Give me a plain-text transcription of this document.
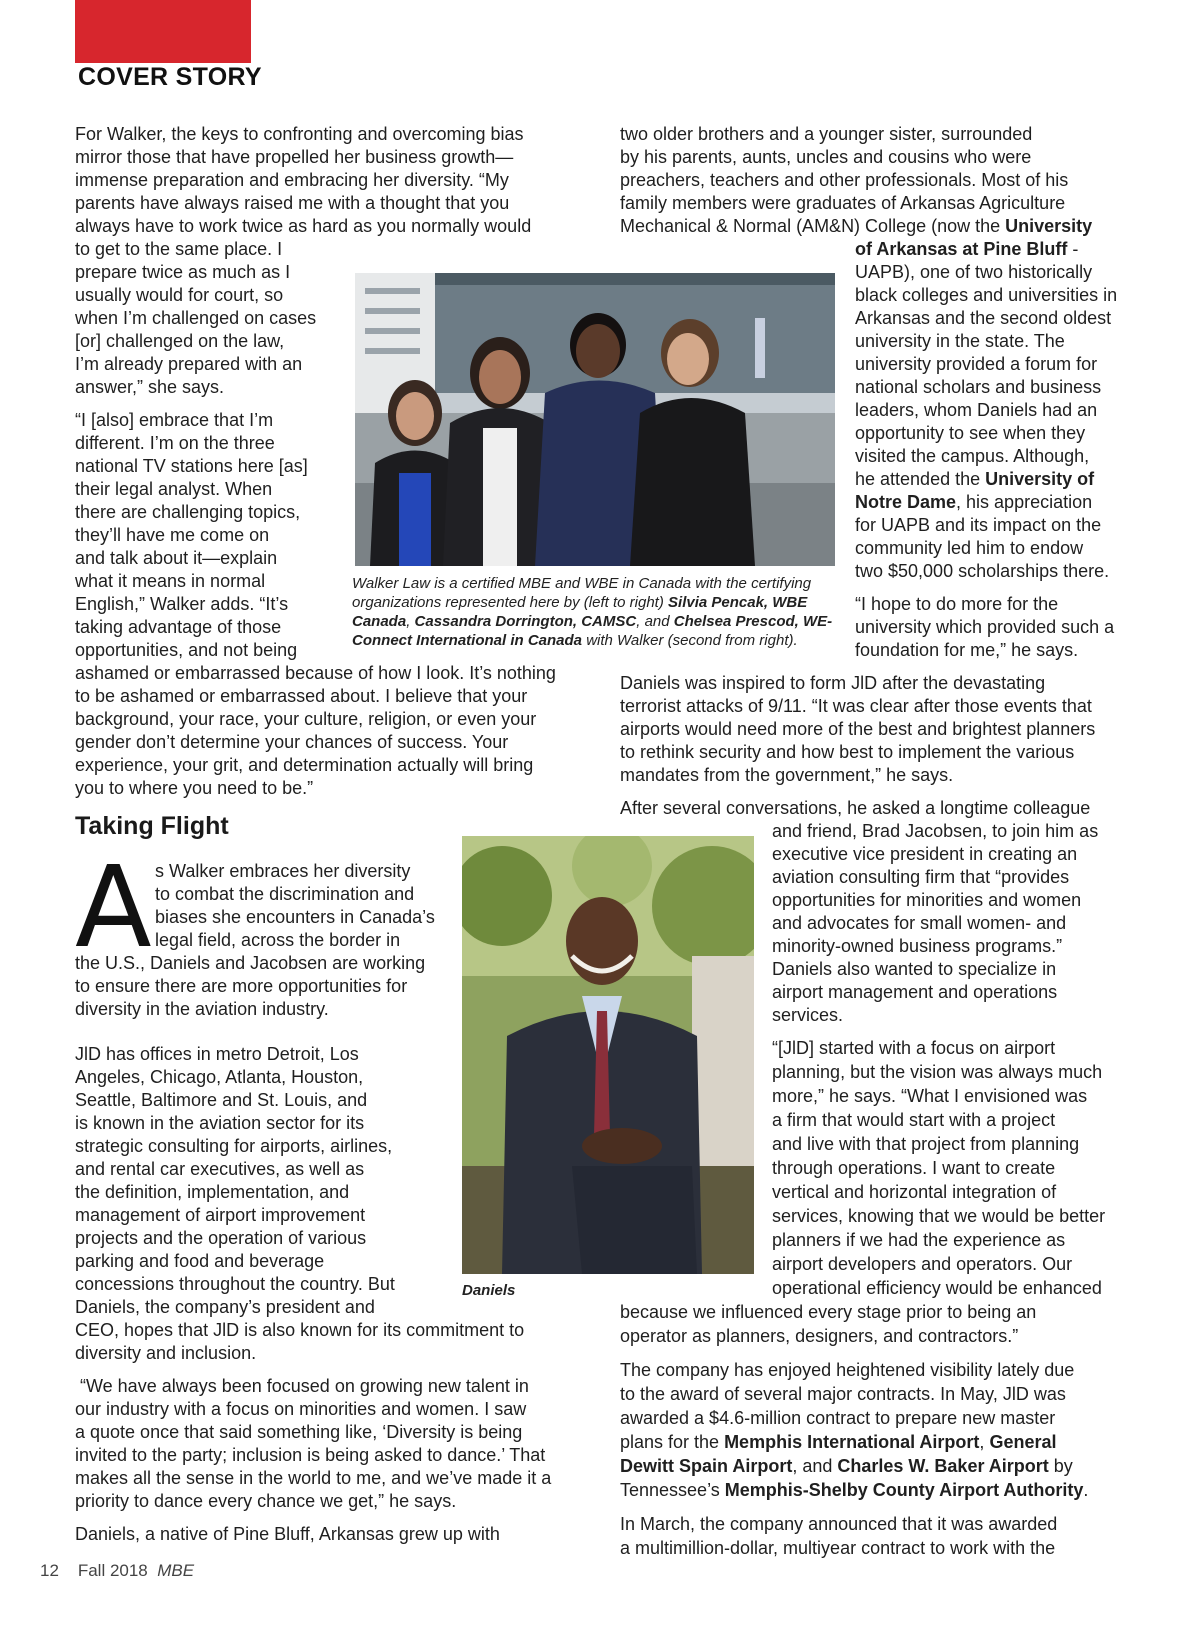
COVER STORY
For Walker, the keys to confronting and overcoming bias
mirror those that have propelled her business growth—
immense preparation and embracing her diversity. “My
parents have always raised me with a thought that you
always have to work twice as hard as you normally would
to get to the same place. I
prepare twice as much as I
usually would for court, so
when I’m challenged on cases
[or] challenged on the law,
I’m already prepared with an
answer,” she says.
“I [also] embrace that I’m
different. I’m on the three
national TV stations here [as]
their legal analyst. When
there are challenging topics,
they’ll have me come on
and talk about it—explain
what it means in normal
English,” Walker adds. “It’s
taking advantage of those
opportunities, and not being
ashamed or embarrassed because of how I look. It’s nothing
to be ashamed or embarrassed about. I believe that your
background, your race, your culture, religion, or even your
gender don’t determine your chances of success. Your
experience, your grit, and determination actually will bring
you to where you need to be.”
Walker Law is a certified MBE and WBE in Canada with the certifying
organizations represented here by (left to right) Silvia Pencak, WBE
Canada, Cassandra Dorrington, CAMSC, and Chelsea Prescod, WE-
Connect International in Canada with Walker (second from right).
Taking Flight
A s Walker embraces her diversity
to combat the discrimination and
biases she encounters in Canada’s
legal field, across the border in
the U.S., Daniels and Jacobsen are working
to ensure there are more opportunities for
diversity in the aviation industry.
JlD has offices in metro Detroit, Los
Angeles, Chicago, Atlanta, Houston,
Seattle, Baltimore and St. Louis, and
is known in the aviation sector for its
strategic consulting for airports, airlines,
and rental car executives, as well as
the definition, implementation, and
management of airport improvement
projects and the operation of various
parking and food and beverage
concessions throughout the country. But
Daniels, the company’s president and
CEO, hopes that JlD is also known for its commitment to
diversity and inclusion.
“We have always been focused on growing new talent in
our industry with a focus on minorities and women. I saw
a quote once that said something like, ‘Diversity is being
invited to the party; inclusion is being asked to dance.’ That
makes all the sense in the world to me, and we’ve made it a
priority to dance every chance we get,” he says.
Daniels, a native of Pine Bluff, Arkansas grew up with
Daniels
two older brothers and a younger sister, surrounded
by his parents, aunts, uncles and cousins who were
preachers, teachers and other professionals. Most of his
family members were graduates of Arkansas Agriculture
Mechanical & Normal (AM&N) College (now the University
of Arkansas at Pine Bluff -
UAPB), one of two historically
black colleges and universities in
Arkansas and the second oldest
university in the state. The
university provided a forum for
national scholars and business
leaders, whom Daniels had an
opportunity to see when they
visited the campus. Although,
he attended the University of
Notre Dame, his appreciation
for UAPB and its impact on the
community led him to endow
two $50,000 scholarships there.
“I hope to do more for the
university which provided such a
foundation for me,” he says.
Daniels was inspired to form JlD after the devastating
terrorist attacks of 9/11. “It was clear after those events that
airports would need more of the best and brightest planners
to rethink security and how best to implement the various
mandates from the government,” he says.
After several conversations, he asked a longtime colleague
and friend, Brad Jacobsen, to join him as
executive vice president in creating an
aviation consulting firm that “provides
opportunities for minorities and women
and advocates for small women- and
minority-owned business programs.”
Daniels also wanted to specialize in
airport management and operations
services.
“[JlD] started with a focus on airport
planning, but the vision was always much
more,” he says. “What I envisioned was
a firm that would start with a project
and live with that project from planning
through operations. I want to create
vertical and horizontal integration of
services, knowing that we would be better
planners if we had the experience as
airport developers and operators. Our
operational efficiency would be enhanced
because we influenced every stage prior to being an
operator as planners, designers, and contractors.”
The company has enjoyed heightened visibility lately due
to the award of several major contracts. In May, JlD was
awarded a $4.6-million contract to prepare new master
plans for the Memphis International Airport, General
Dewitt Spain Airport, and Charles W. Baker Airport by
Tennessee’s Memphis-Shelby County Airport Authority.
In March, the company announced that it was awarded
a multimillion-dollar, multiyear contract to work with the
12 Fall 2018 MBE
